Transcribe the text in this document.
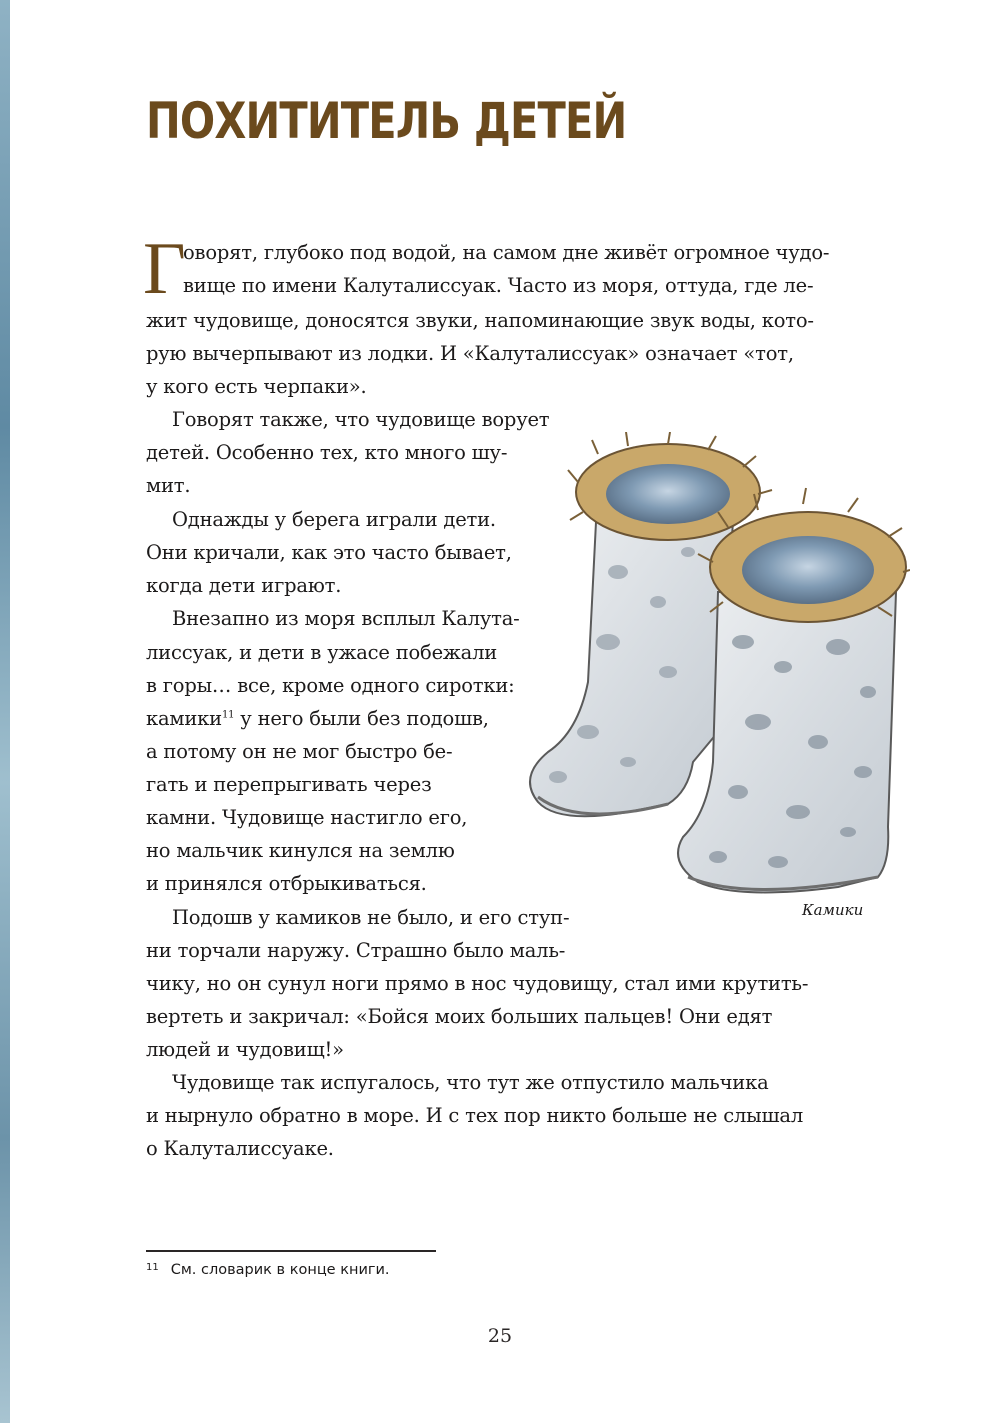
ПОХИТИТЕЛЬ ДЕТЕЙ
Г
оворят, глубоко под водой, на самом дне живёт огромное чудо-
вище по имени Калуталиссуак. Часто из моря, оттуда, где ле-
жит чудовище, доносятся звуки, напоминающие звук воды, кото-
рую вычерпывают из лодки. И «Калуталиссуак» означает «тот,
у кого есть черпаки».
Говорят также, что чудовище ворует
детей. Особенно тех, кто много шу-
мит.
Однажды у берега играли дети.
Они кричали, как это часто бывает,
когда дети играют.
Внезапно из моря всплыл Калута-
лиссуак, и дети в ужасе побежали
в горы… все, кроме одного сиротки:
камики$^{11}$ у него были без подошв,
а потому он не мог быстро бе-
гать и перепрыгивать через
камни. Чудовище настигло его,
но мальчик кинулся на землю
и принялся отбрыкиваться.
Подошв у камиков не было, и его ступ-
ни торчали наружу. Страшно было маль-
чику, но он сунул ноги прямо в нос чудовищу, стал ими крутить-
вертеть и закричал: «Бойся моих больших пальцев! Они едят
людей и чудовищ!»
Чудовище так испугалось, что тут же отпустило мальчика
и нырнуло обратно в море. И с тех пор никто больше не слышал
о Калуталиссуаке.
Камики
$^{11}$ См. словарик в конце книги.
25
